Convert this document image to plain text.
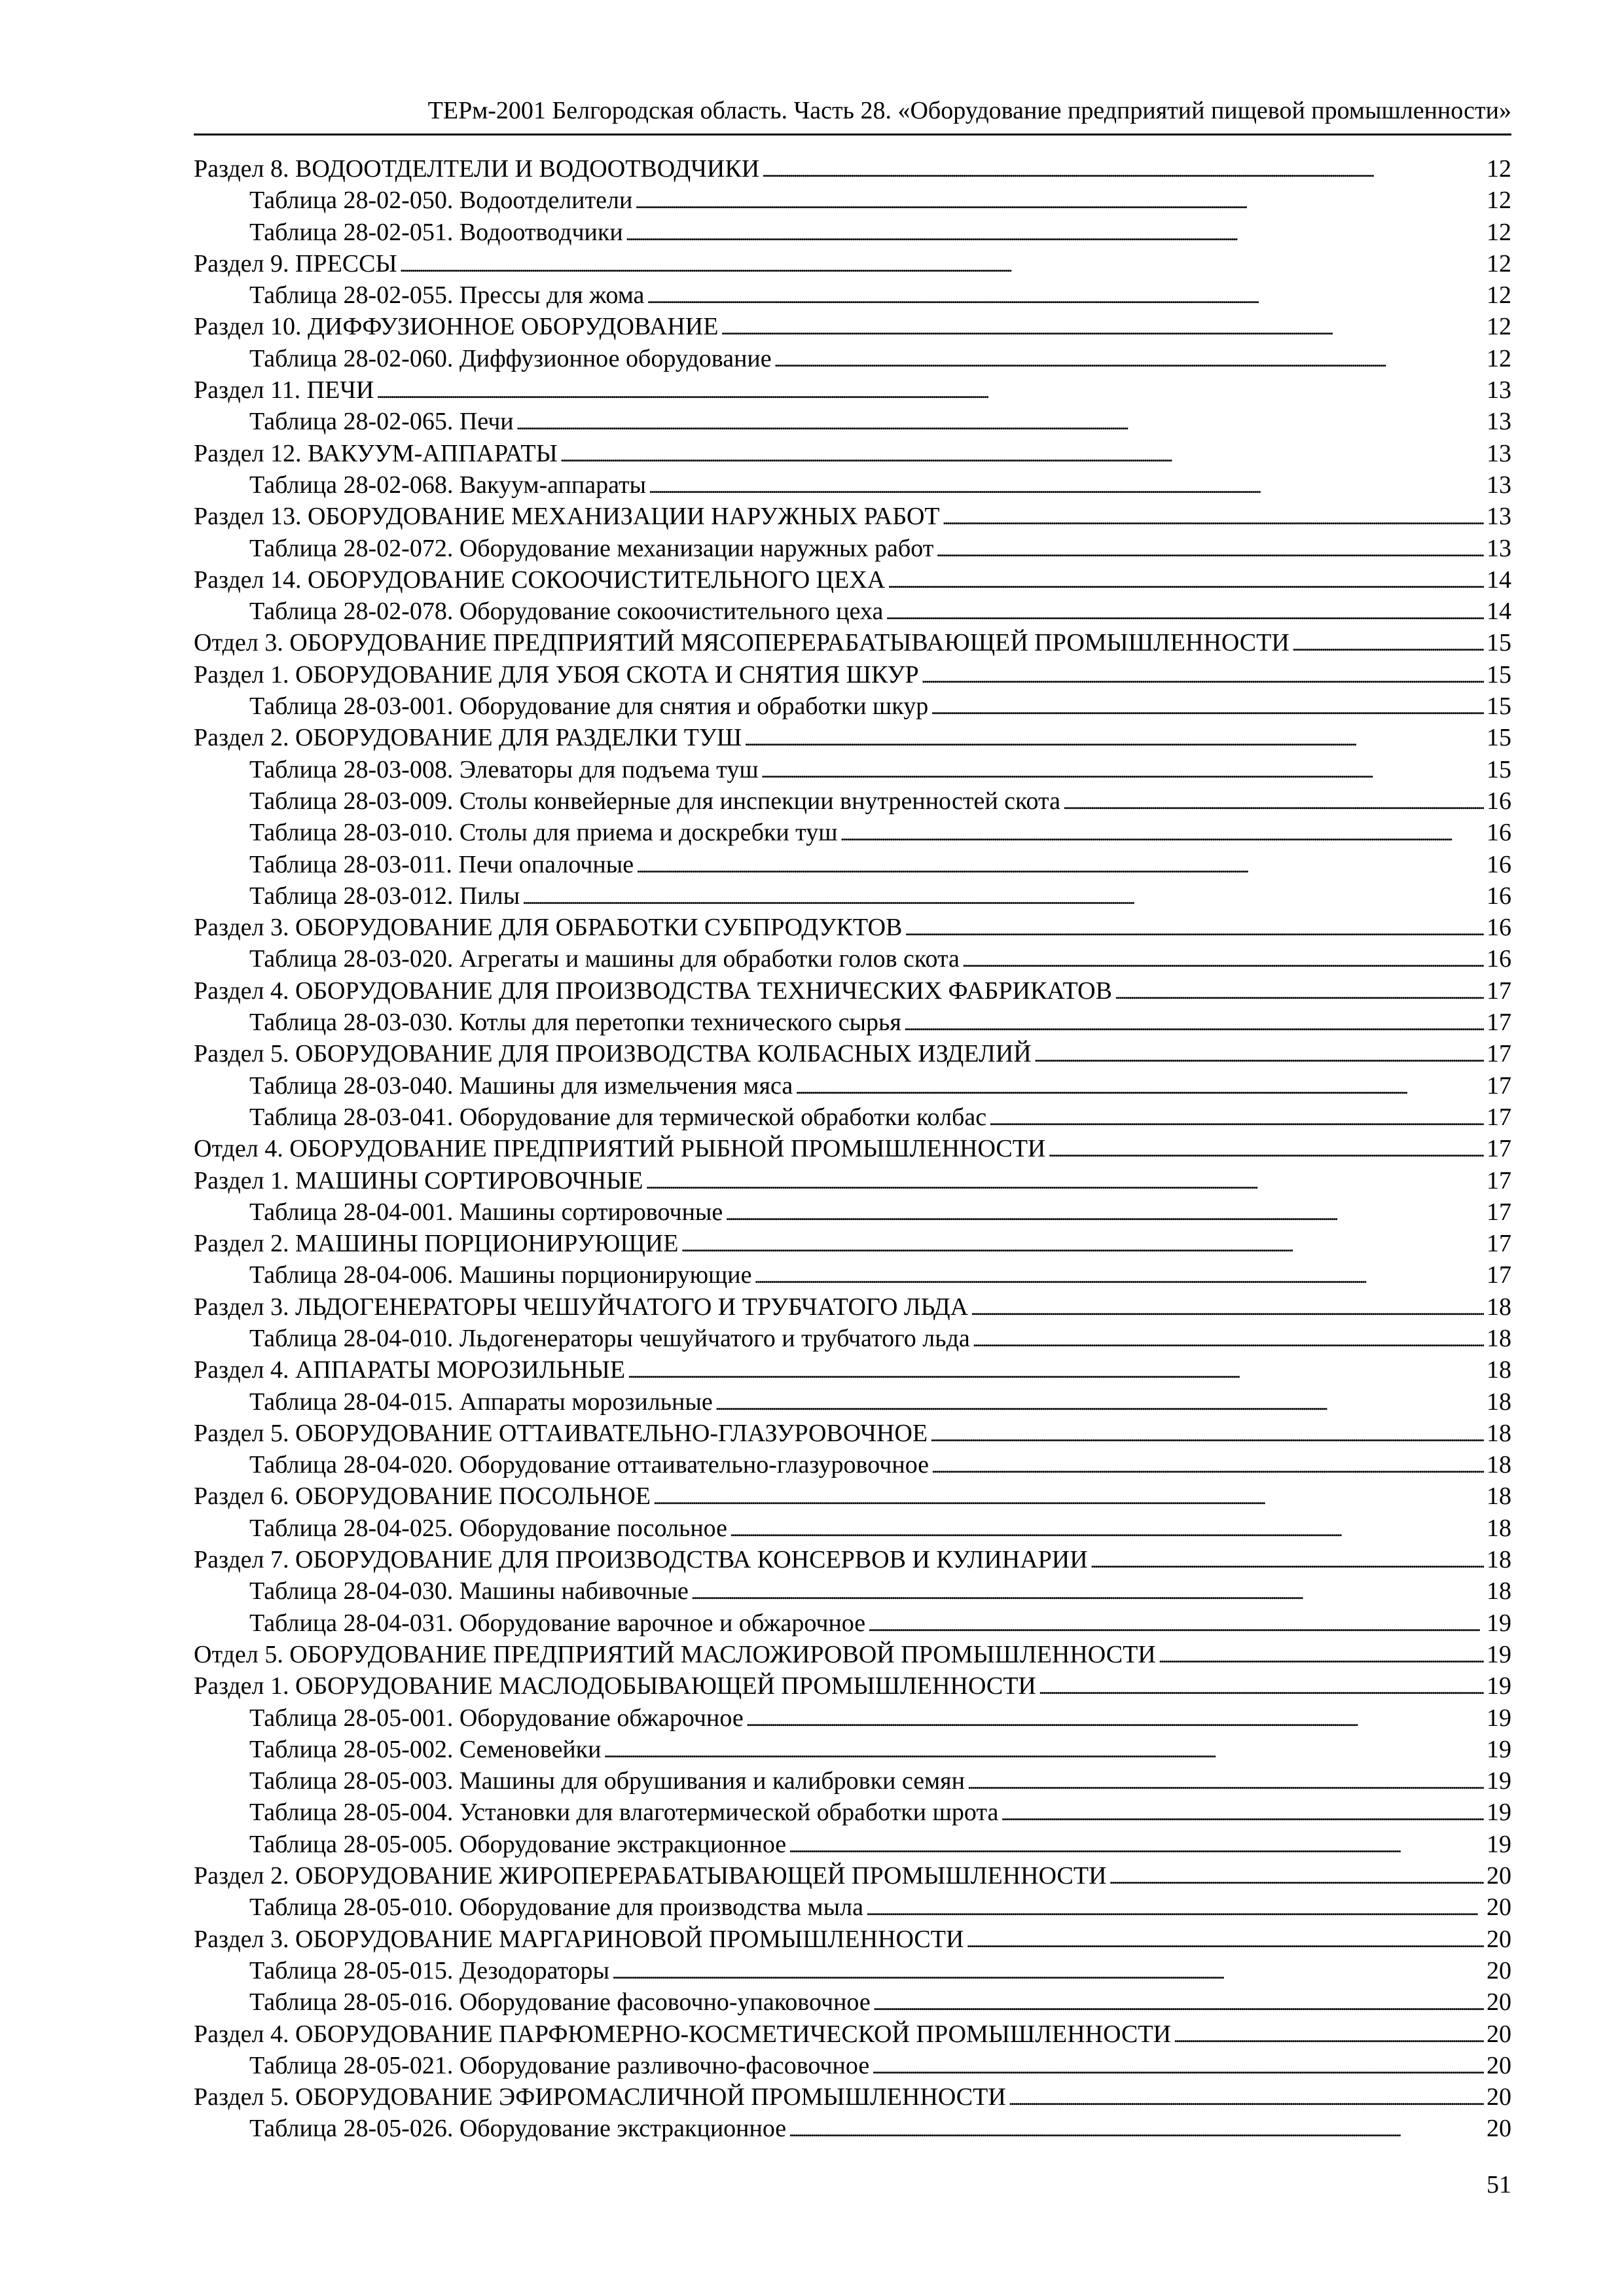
ТЕРм-2001 Белгородская область. Часть 28. «Оборудование предприятий пищевой промышленности»
Раздел 8. ВОДООТДЕЛТЕЛИ И ВОДООТВОДЧИКИ . . .	12
Таблица 28-02-050. Водоотделители . . .	12
Таблица 28-02-051. Водоотводчики . . .	12
Раздел 9. ПРЕССЫ . . .	12
Таблица 28-02-055. Прессы для жома . . .	12
Раздел 10. ДИФФУЗИОННОЕ ОБОРУДОВАНИЕ . . .	12
Таблица 28-02-060. Диффузионное оборудование . . .	12
Раздел 11. ПЕЧИ . . .	13
Таблица 28-02-065. Печи . . .	13
Раздел 12. ВАКУУМ-АППАРАТЫ . . .	13
Таблица 28-02-068. Вакуум-аппараты . . .	13
Раздел 13. ОБОРУДОВАНИЕ МЕХАНИЗАЦИИ НАРУЖНЫХ РАБОТ . . .	13
Таблица 28-02-072. Оборудование механизации наружных работ . . .	13
Раздел 14. ОБОРУДОВАНИЕ СОКООЧИСТИТЕЛЬНОГО ЦЕХА . . .	14
Таблица 28-02-078. Оборудование сокоочистительного цеха . . .	14
Отдел 3. ОБОРУДОВАНИЕ ПРЕДПРИЯТИЙ МЯСОПЕРЕРАБАТЫВАЮЩЕЙ ПРОМЫШЛЕННОСТИ . . .	15
Раздел 1. ОБОРУДОВАНИЕ ДЛЯ УБОЯ СКОТА И СНЯТИЯ ШКУР . . .	15
Таблица 28-03-001. Оборудование для снятия и обработки шкур . . .	15
Раздел 2. ОБОРУДОВАНИЕ ДЛЯ РАЗДЕЛКИ ТУШ . . .	15
Таблица 28-03-008. Элеваторы для подъема туш . . .	15
Таблица 28-03-009. Столы конвейерные для инспекции внутренностей скота . . .	16
Таблица 28-03-010. Столы для приема и доскребки туш . . .	16
Таблица 28-03-011. Печи опалочные . . .	16
Таблица 28-03-012. Пилы . . .	16
Раздел 3. ОБОРУДОВАНИЕ ДЛЯ ОБРАБОТКИ СУБПРОДУКТОВ . . .	16
Таблица 28-03-020. Агрегаты и машины для обработки голов скота . . .	16
Раздел 4. ОБОРУДОВАНИЕ ДЛЯ ПРОИЗВОДСТВА ТЕХНИЧЕСКИХ ФАБРИКАТОВ . . .	17
Таблица 28-03-030. Котлы для перетопки технического сырья . . .	17
Раздел 5. ОБОРУДОВАНИЕ ДЛЯ ПРОИЗВОДСТВА КОЛБАСНЫХ ИЗДЕЛИЙ . . .	17
Таблица 28-03-040. Машины для измельчения мяса . . .	17
Таблица 28-03-041. Оборудование для термической обработки колбас . . .	17
Отдел 4. ОБОРУДОВАНИЕ ПРЕДПРИЯТИЙ РЫБНОЙ ПРОМЫШЛЕННОСТИ . . .	17
Раздел 1. МАШИНЫ СОРТИРОВОЧНЫЕ . . .	17
Таблица 28-04-001. Машины сортировочные . . .	17
Раздел 2. МАШИНЫ ПОРЦИОНИРУЮЩИЕ . . .	17
Таблица 28-04-006. Машины порционирующие . . .	17
Раздел 3. ЛЬДОГЕНЕРАТОРЫ ЧЕШУЙЧАТОГО И ТРУБЧАТОГО ЛЬДА . . .	18
Таблица 28-04-010. Льдогенераторы чешуйчатого и трубчатого льда . . .	18
Раздел 4. АППАРАТЫ МОРОЗИЛЬНЫЕ . . .	18
Таблица 28-04-015. Аппараты морозильные . . .	18
Раздел 5. ОБОРУДОВАНИЕ ОТТАИВАТЕЛЬНО-ГЛАЗУРОВОЧНОЕ . . .	18
Таблица 28-04-020. Оборудование оттаивательно-глазуровочное . . .	18
Раздел 6. ОБОРУДОВАНИЕ ПОСОЛЬНОЕ . . .	18
Таблица 28-04-025. Оборудование посольное . . .	18
Раздел 7. ОБОРУДОВАНИЕ ДЛЯ ПРОИЗВОДСТВА КОНСЕРВОВ И КУЛИНАРИИ . . .	18
Таблица 28-04-030. Машины набивочные . . .	18
Таблица 28-04-031. Оборудование варочное и обжарочное . . .	19
Отдел 5. ОБОРУДОВАНИЕ ПРЕДПРИЯТИЙ МАСЛОЖИРОВОЙ ПРОМЫШЛЕННОСТИ . . .	19
Раздел 1. ОБОРУДОВАНИЕ МАСЛОДОБЫВАЮЩЕЙ ПРОМЫШЛЕННОСТИ . . .	19
Таблица 28-05-001. Оборудование обжарочное . . .	19
Таблица 28-05-002. Семеновейки . . .	19
Таблица 28-05-003. Машины для обрушивания и калибровки семян . . .	19
Таблица 28-05-004. Установки для влаготермической обработки шрота . . .	19
Таблица 28-05-005. Оборудование экстракционное . . .	19
Раздел 2. ОБОРУДОВАНИЕ ЖИРОПЕРЕРАБАТЫВАЮЩЕЙ ПРОМЫШЛЕННОСТИ . . .	20
Таблица 28-05-010. Оборудование для производства мыла . . .	20
Раздел 3. ОБОРУДОВАНИЕ МАРГАРИНОВОЙ ПРОМЫШЛЕННОСТИ . . .	20
Таблица 28-05-015. Дезодораторы . . .	20
Таблица 28-05-016. Оборудование фасовочно-упаковочное . . .	20
Раздел 4. ОБОРУДОВАНИЕ ПАРФЮМЕРНО-КОСМЕТИЧЕСКОЙ ПРОМЫШЛЕННОСТИ . . .	20
Таблица 28-05-021. Оборудование разливочно-фасовочное . . .	20
Раздел 5. ОБОРУДОВАНИЕ ЭФИРОМАСЛИЧНОЙ ПРОМЫШЛЕННОСТИ . . .	20
Таблица 28-05-026. Оборудование экстракционное . . .	20
51
